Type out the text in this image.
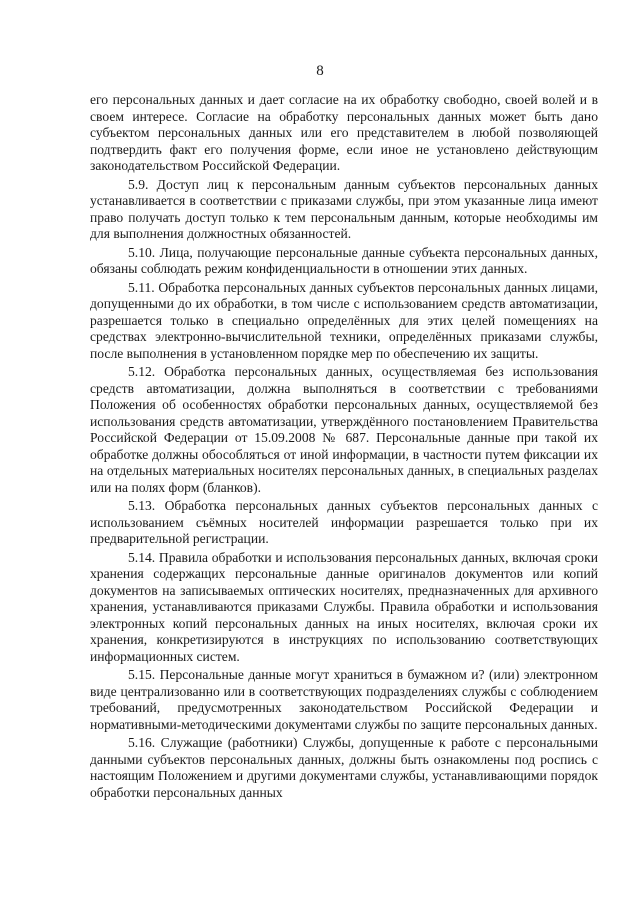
8

его персональных данных и дает согласие на их обработку свободно, своей волей и в своем интересе. Согласие на обработку персональных данных может быть дано субъектом персональных данных или его представителем в любой позволяющей подтвердить факт его получения форме, если иное не установлено действующим законодательством Российской Федерации.

5.9. Доступ лиц к персональным данным субъектов персональных данных устанавливается в соответствии с приказами службы, при этом указанные лица имеют право получать доступ только к тем персональным данным, которые необходимы им для выполнения должностных обязанностей.

5.10. Лица, получающие персональные данные субъекта персональных данных, обязаны соблюдать режим конфиденциальности в отношении этих данных.

5.11. Обработка персональных данных субъектов персональных данных лицами, допущенными до их обработки, в том числе с использованием средств автоматизации, разрешается только в специально определённых для этих целей помещениях на средствах электронно-вычислительной техники, определённых приказами службы, после выполнения в установленном порядке мер по обеспечению их защиты.

5.12. Обработка персональных данных, осуществляемая без использования средств автоматизации, должна выполняться в соответствии с требованиями Положения об особенностях обработки персональных данных, осуществляемой без использования средств автоматизации, утверждённого постановлением Правительства Российской Федерации от 15.09.2008 № 687. Персональные данные при такой их обработке должны обособляться от иной информации, в частности путем фиксации их на отдельных материальных носителях персональных данных, в специальных разделах или на полях форм (бланков).

5.13. Обработка персональных данных субъектов персональных данных с использованием съёмных носителей информации разрешается только при их предварительной регистрации.

5.14. Правила обработки и использования персональных данных, включая сроки хранения содержащих персональные данные оригиналов документов или копий документов на записываемых оптических носителях, предназначенных для архивного хранения, устанавливаются приказами Службы. Правила обработки и использования электронных копий персональных данных на иных носителях, включая сроки их хранения, конкретизируются в инструкциях по использованию соответствующих информационных систем.

5.15. Персональные данные могут храниться в бумажном и? (или) электронном виде централизованно или в соответствующих подразделениях службы с соблюдением требований, предусмотренных законодательством Российской Федерации и нормативными-методическими документами службы по защите персональных данных.

5.16. Служащие (работники) Службы, допущенные к работе с персональными данными субъектов персональных данных, должны быть ознакомлены под роспись с настоящим Положением и другими документами службы, устанавливающими порядок обработки персональных данных
